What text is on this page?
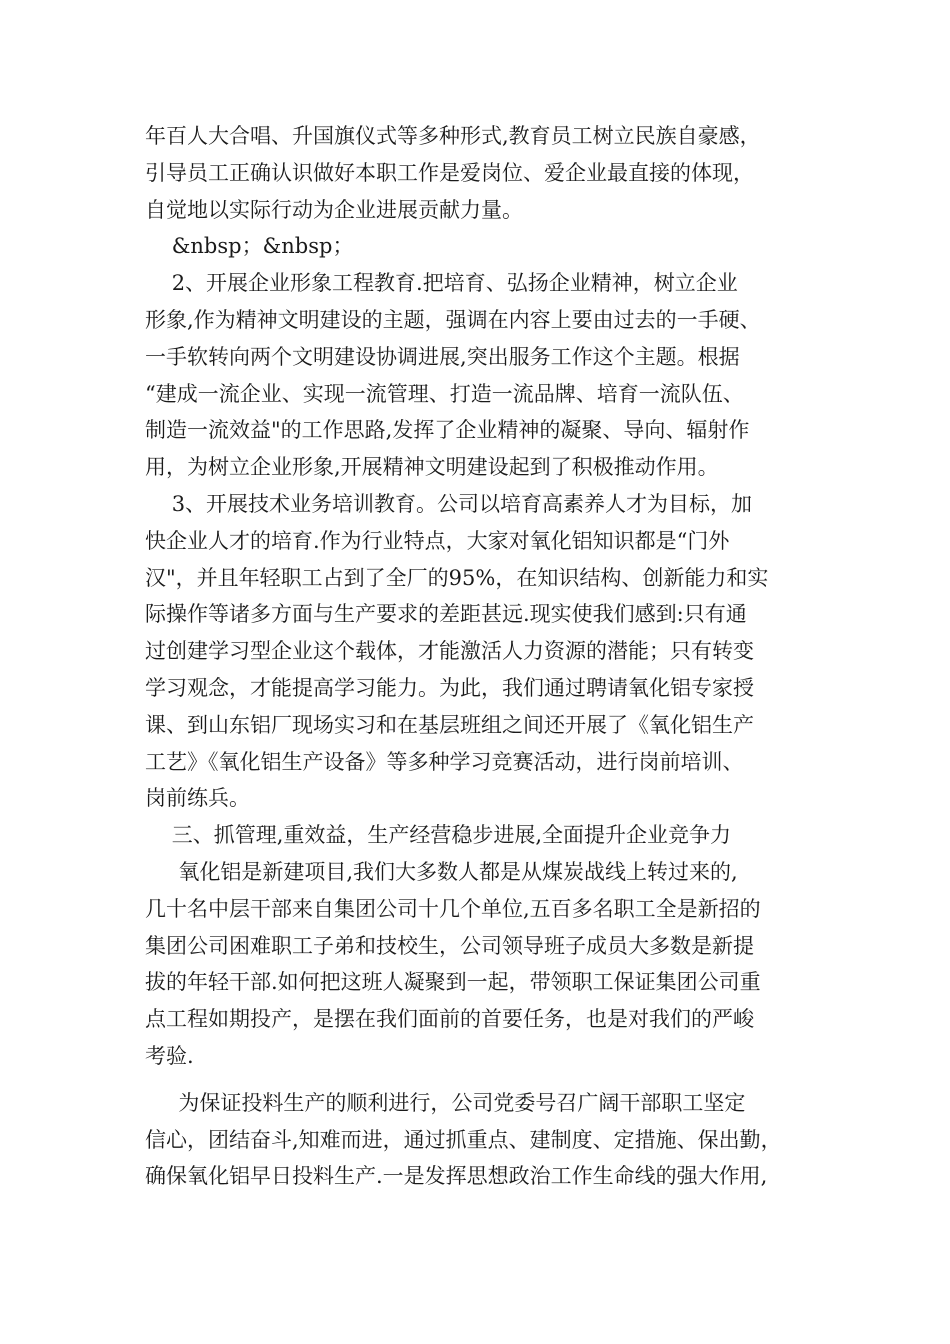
年百人大合唱、升国旗仪式等多种形式,教育员工树立民族自豪感，
引导员工正确认识做好本职工作是爱岗位、爱企业最直接的体现，
自觉地以实际行动为企业进展贡献力量。
&nbsp；&nbsp；
2、开展企业形象工程教育.把培育、弘扬企业精神，树立企业
形象,作为精神文明建设的主题，强调在内容上要由过去的一手硬、
一手软转向两个文明建设协调进展,突出服务工作这个主题。根据
“建成一流企业、实现一流管理、打造一流品牌、培育一流队伍、
制造一流效益"的工作思路,发挥了企业精神的凝聚、导向、辐射作
用，为树立企业形象,开展精神文明建设起到了积极推动作用。
3、开展技术业务培训教育。公司以培育高素养人才为目标，加
快企业人才的培育.作为行业特点，大家对氧化铝知识都是“门外
汉"，并且年轻职工占到了全厂的95%，在知识结构、创新能力和实
际操作等诸多方面与生产要求的差距甚远.现实使我们感到:只有通
过创建学习型企业这个载体，才能激活人力资源的潜能；只有转变
学习观念，才能提高学习能力。为此，我们通过聘请氧化铝专家授
课、到山东铝厂现场实习和在基层班组之间还开展了《氧化铝生产
工艺》《氧化铝生产设备》等多种学习竞赛活动，进行岗前培训、
岗前练兵。
三、抓管理,重效益，生产经营稳步进展,全面提升企业竞争力
氧化铝是新建项目,我们大多数人都是从煤炭战线上转过来的,
几十名中层干部来自集团公司十几个单位,五百多名职工全是新招的
集团公司困难职工子弟和技校生，公司领导班子成员大多数是新提
拔的年轻干部.如何把这班人凝聚到一起，带领职工保证集团公司重
点工程如期投产，是摆在我们面前的首要任务，也是对我们的严峻
考验.
为保证投料生产的顺利进行，公司党委号召广阔干部职工坚定
信心，团结奋斗,知难而进，通过抓重点、建制度、定措施、保出勤，
确保氧化铝早日投料生产.一是发挥思想政治工作生命线的强大作用,
